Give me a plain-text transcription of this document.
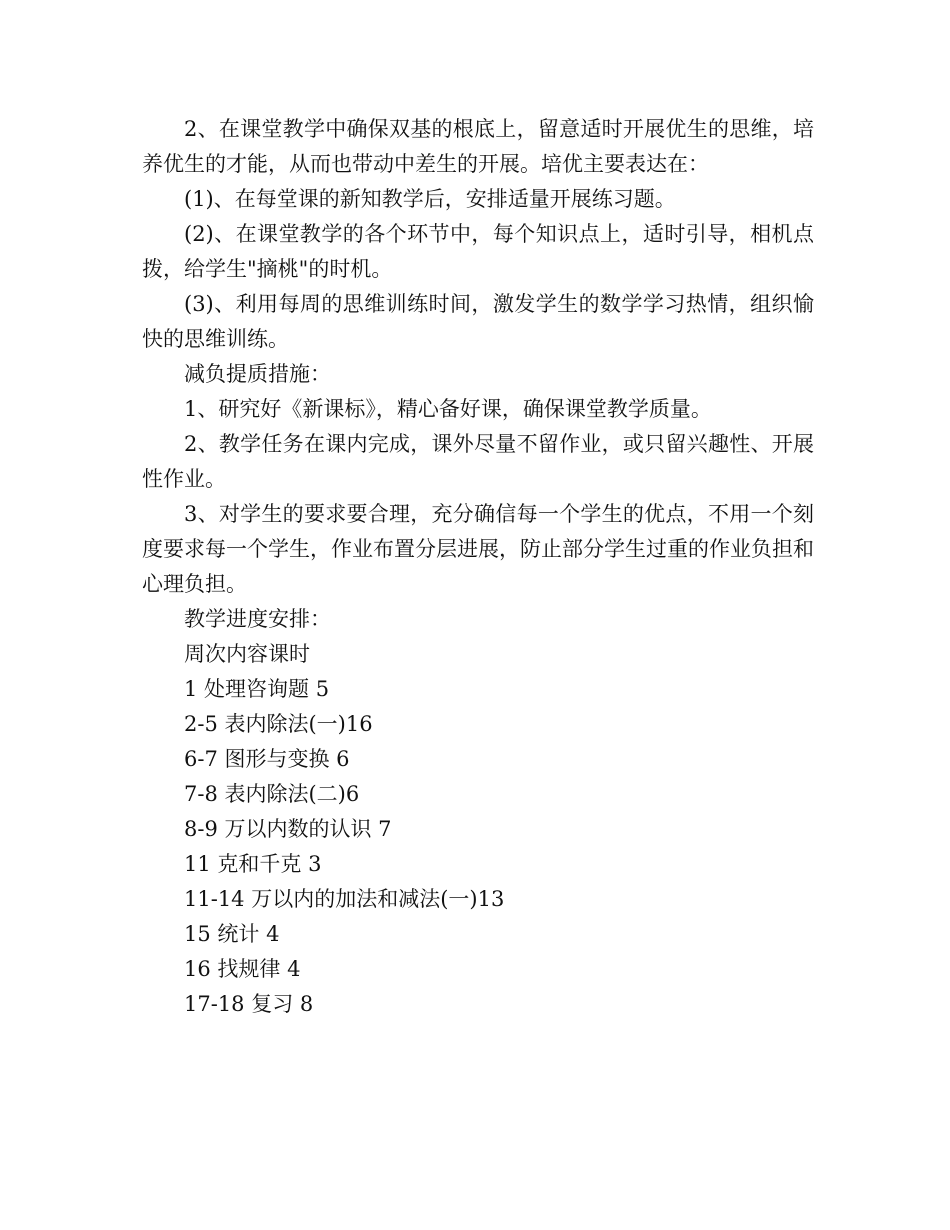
2、在课堂教学中确保双基的根底上，留意适时开展优生的思维，培养优生的才能，从而也带动中差生的开展。培优主要表达在：

(1)、在每堂课的新知教学后，安排适量开展练习题。

(2)、在课堂教学的各个环节中，每个知识点上，适时引导，相机点拨，给学生"摘桃"的时机。

(3)、利用每周的思维训练时间，激发学生的数学学习热情，组织愉快的思维训练。

减负提质措施：

1、研究好《新课标》，精心备好课，确保课堂教学质量。

2、教学任务在课内完成，课外尽量不留作业，或只留兴趣性、开展性作业。

3、对学生的要求要合理，充分确信每一个学生的优点，不用一个刻度要求每一个学生，作业布置分层进展，防止部分学生过重的作业负担和心理负担。

教学进度安排：

周次内容课时

1 处理咨询题 5

2-5 表内除法(一)16

6-7 图形与变换 6

7-8 表内除法(二)6

8-9 万以内数的认识 7

11 克和千克 3

11-14 万以内的加法和减法(一)13

15 统计 4

16 找规律 4

17-18 复习 8
